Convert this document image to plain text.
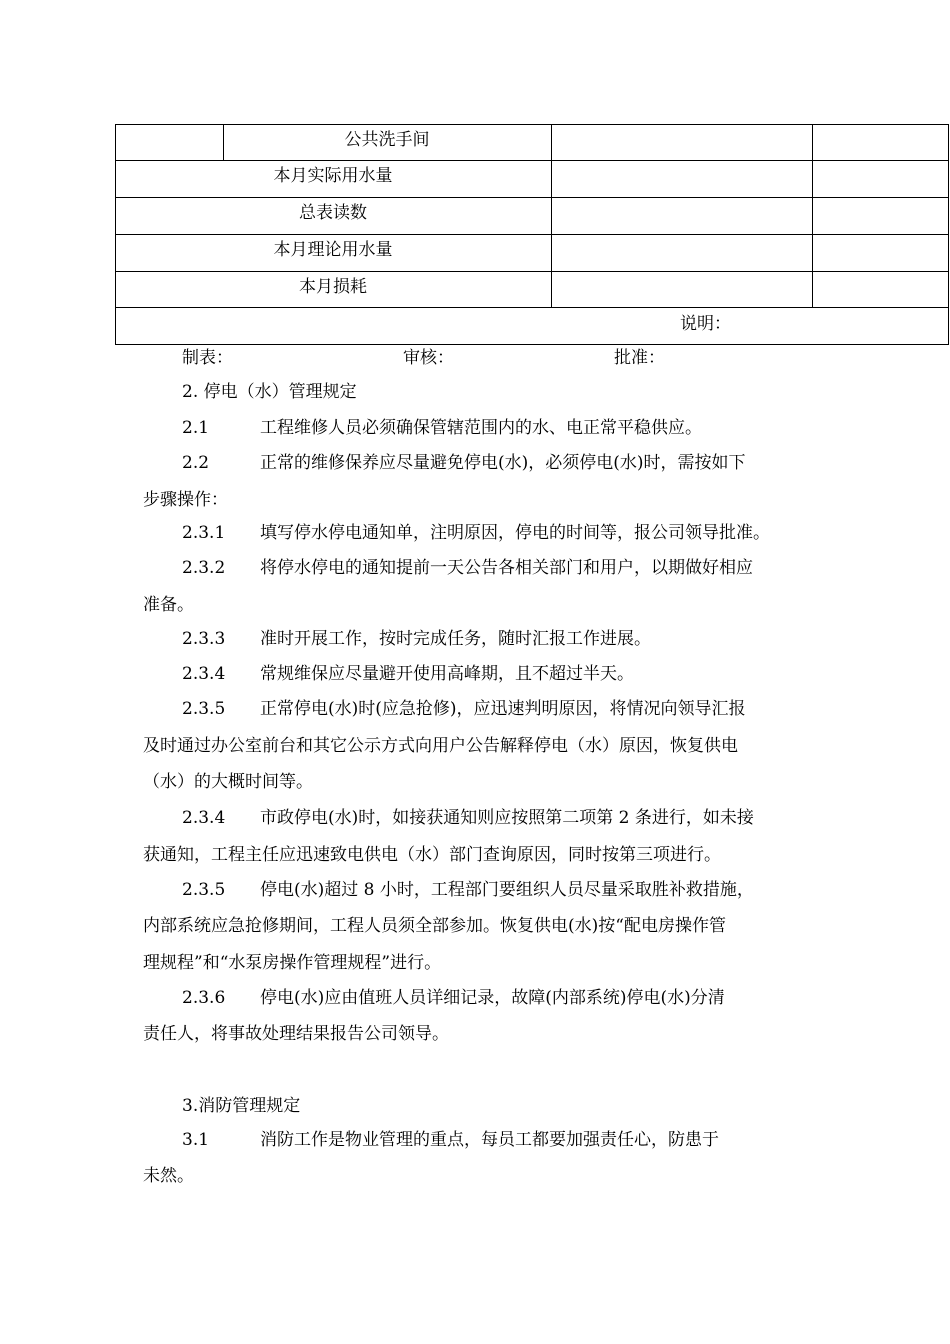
公共洗手间
本月实际用水量
总表读数
本月理论用水量
本月损耗
说明：
制表：	审核：	批准：
2. 停电（水）管理规定
2.1	工程维修人员必须确保管辖范围内的水、电正常平稳供应。
2.2	正常的维修保养应尽量避免停电(水)，必须停电(水)时，需按如下
步骤操作：
2.3.1 填写停水停电通知单，注明原因，停电的时间等，报公司领导批准。
2.3.2 将停水停电的通知提前一天公告各相关部门和用户，以期做好相应
准备。
2.3.3 准时开展工作，按时完成任务，随时汇报工作进展。
2.3.4 常规维保应尽量避开使用高峰期，且不超过半天。
2.3.5 正常停电(水)时(应急抢修)，应迅速判明原因，将情况向领导汇报
及时通过办公室前台和其它公示方式向用户公告解释停电（水）原因，恢复供电
（水）的大概时间等。
2.3.4 市政停电(水)时，如接获通知则应按照第二项第 2 条进行，如未接
获通知，工程主任应迅速致电供电（水）部门查询原因，同时按第三项进行。
2.3.5 停电(水)超过 8 小时，工程部门要组织人员尽量采取胜补救措施，
内部系统应急抢修期间，工程人员须全部参加。恢复供电(水)按“配电房操作管
理规程”和“水泵房操作管理规程”进行。
2.3.6 停电(水)应由值班人员详细记录，故障(内部系统)停电(水)分清
责任人，将事故处理结果报告公司领导。
3.消防管理规定
3.1	消防工作是物业管理的重点，每员工都要加强责任心，防患于
未然。
